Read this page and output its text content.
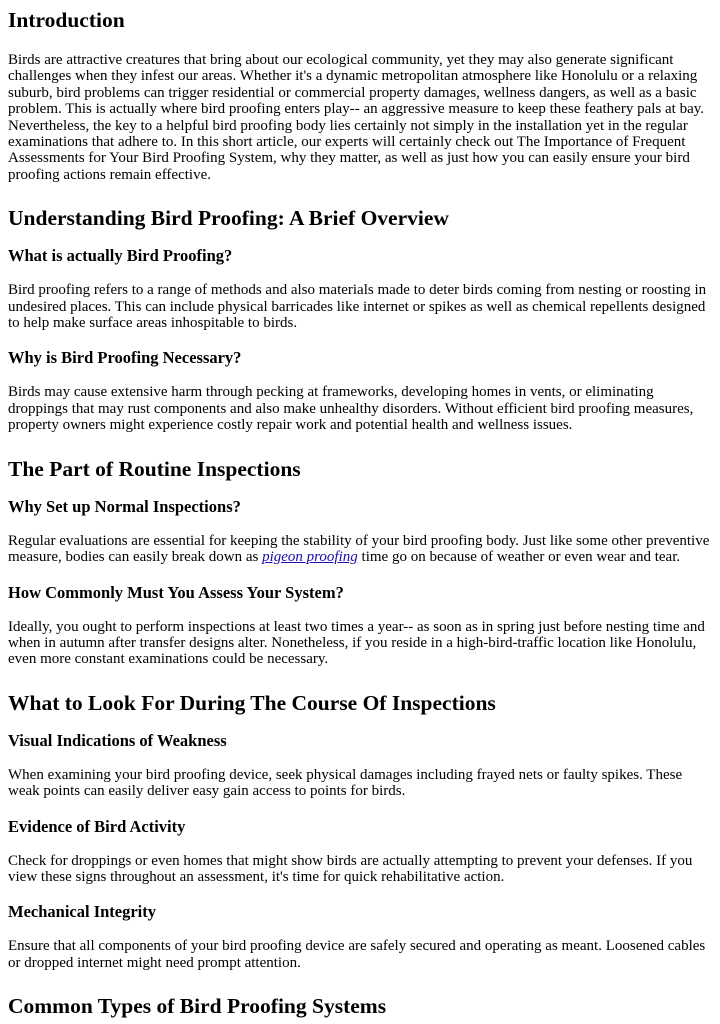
Introduction

Birds are attractive creatures that bring about our ecological community, yet they may also generate significant challenges when they infest our areas. Whether it's a dynamic metropolitan atmosphere like Honolulu or a relaxing suburb, bird problems can trigger residential or commercial property damages, wellness dangers, as well as a basic problem. This is actually where bird proofing enters play-- an aggressive measure to keep these feathery pals at bay. Nevertheless, the key to a helpful bird proofing body lies certainly not simply in the installation yet in the regular examinations that adhere to. In this short article, our experts will certainly check out The Importance of Frequent Assessments for Your Bird Proofing System, why they matter, as well as just how you can easily ensure your bird proofing actions remain effective.

Understanding Bird Proofing: A Brief Overview
What is actually Bird Proofing?

Bird proofing refers to a range of methods and also materials made to deter birds coming from nesting or roosting in undesired places. This can include physical barricades like internet or spikes as well as chemical repellents designed to help make surface areas inhospitable to birds.

Why is Bird Proofing Necessary?

Birds may cause extensive harm through pecking at frameworks, developing homes in vents, or eliminating droppings that may rust components and also make unhealthy disorders. Without efficient bird proofing measures, property owners might experience costly repair work and potential health and wellness issues.

The Part of Routine Inspections
Why Set up Normal Inspections?

Regular evaluations are essential for keeping the stability of your bird proofing body. Just like some other preventive measure, bodies can easily break down as pigeon proofing time go on because of weather or even wear and tear.

How Commonly Must You Assess Your System?

Ideally, you ought to perform inspections at least two times a year-- as soon as in spring just before nesting time and when in autumn after transfer designs alter. Nonetheless, if you reside in a high-bird-traffic location like Honolulu, even more constant examinations could be necessary.

What to Look For During The Course Of Inspections
Visual Indications of Weakness

When examining your bird proofing device, seek physical damages including frayed nets or faulty spikes. These weak points can easily deliver easy gain access to points for birds.

Evidence of Bird Activity

Check for droppings or even homes that might show birds are actually attempting to prevent your defenses. If you view these signs throughout an assessment, it's time for quick rehabilitative action.

Mechanical Integrity

Ensure that all components of your bird proofing device are safely secured and operating as meant. Loosened cables or dropped internet might need prompt attention.

Common Types of Bird Proofing Systems
